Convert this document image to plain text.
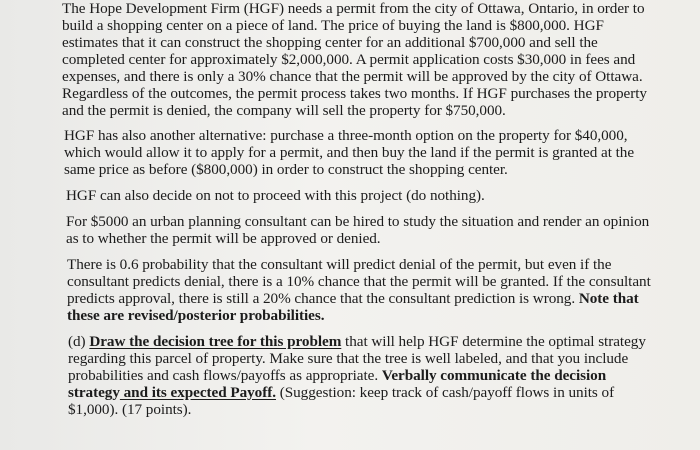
The Hope Development Firm (HGF) needs a permit from the city of Ottawa, Ontario, in order to
build a shopping center on a piece of land. The price of buying the land is $800,000. HGF
estimates that it can construct the shopping center for an additional $700,000 and sell the
completed center for approximately $2,000,000. A permit application costs $30,000 in fees and
expenses, and there is only a 30% chance that the permit will be approved by the city of Ottawa.
Regardless of the outcomes, the permit process takes two months. If HGF purchases the property
and the permit is denied, the company will sell the property for $750,000.
HGF has also another alternative: purchase a three-month option on the property for $40,000,
which would allow it to apply for a permit, and then buy the land if the permit is granted at the
same price as before ($800,000) in order to construct the shopping center.
HGF can also decide on not to proceed with this project (do nothing).
For $5000 an urban planning consultant can be hired to study the situation and render an opinion
as to whether the permit will be approved or denied.
There is 0.6 probability that the consultant will predict denial of the permit, but even if the
consultant predicts denial, there is a 10% chance that the permit will be granted. If the consultant
predicts approval, there is still a 20% chance that the consultant prediction is wrong. Note that
these are revised/posterior probabilities.
(d) Draw the decision tree for this problem that will help HGF determine the optimal strategy
regarding this parcel of property. Make sure that the tree is well labeled, and that you include
probabilities and cash flows/payoffs as appropriate. Verbally communicate the decision
strategy and its expected Payoff. (Suggestion: keep track of cash/payoff flows in units of
$1,000). (17 points).
